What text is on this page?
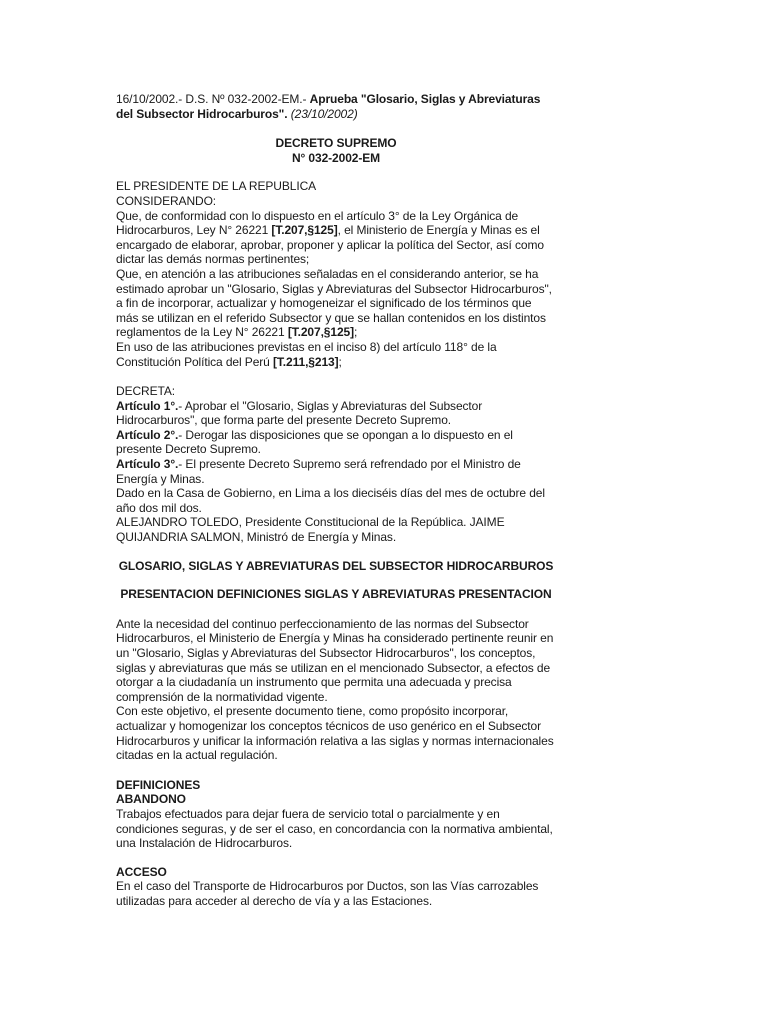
16/10/2002.- D.S. Nº 032-2002-EM.- Aprueba "Glosario, Siglas y Abreviaturas del Subsector Hidrocarburos". (23/10/2002)

DECRETO SUPREMO

N° 032-2002-EM

EL PRESIDENTE DE LA REPUBLICA

CONSIDERANDO:

Que, de conformidad con lo dispuesto en el artículo 3° de la Ley Orgánica de Hidrocarburos, Ley N° 26221 [T.207,§125], el Ministerio de Energía y Minas es el encargado de elaborar, aprobar, proponer y aplicar la política del Sector, así como dictar las demás normas pertinentes;

Que, en atención a las atribuciones señaladas en el considerando anterior, se ha estimado aprobar un "Glosario, Siglas y Abreviaturas del Subsector Hidrocarburos", a fin de incorporar, actualizar y homogeneizar el significado de los términos que más se utilizan en el referido Subsector y que se hallan contenidos en los distintos reglamentos de la Ley N° 26221 [T.207,§125];

En uso de las atribuciones previstas en el inciso 8) del artículo 118° de la Constitución Política del Perú [T.211,§213];

DECRETA:

Artículo 1°.- Aprobar el "Glosario, Siglas y Abreviaturas del Subsector Hidrocarburos", que forma parte del presente Decreto Supremo.

Artículo 2°.- Derogar las disposiciones que se opongan a lo dispuesto en el presente Decreto Supremo.

Artículo 3°.- El presente Decreto Supremo será refrendado por el Ministro de Energía y Minas.

Dado en la Casa de Gobierno, en Lima a los dieciséis días del mes de octubre del año dos mil dos.

ALEJANDRO TOLEDO, Presidente Constitucional de la República. JAIME QUIJANDRIA SALMON, Ministró de Energía y Minas.

GLOSARIO, SIGLAS Y ABREVIATURAS DEL SUBSECTOR HIDROCARBUROS

PRESENTACION DEFINICIONES SIGLAS Y ABREVIATURAS PRESENTACION

Ante la necesidad del continuo perfeccionamiento de las normas del Subsector Hidrocarburos, el Ministerio de Energía y Minas ha considerado pertinente reunir en un "Glosario, Siglas y Abreviaturas del Subsector Hidrocarburos", los conceptos, siglas y abreviaturas que más se utilizan en el mencionado Subsector, a efectos de otorgar a la ciudadanía un instrumento que permita una adecuada y precisa comprensión de la normatividad vigente.

Con este objetivo, el presente documento tiene, como propósito incorporar, actualizar y homogenizar los conceptos técnicos de uso genérico en el Subsector Hidrocarburos y unificar la información relativa a las siglas y normas internacionales citadas en la actual regulación.

DEFINICIONES

ABANDONO

Trabajos efectuados para dejar fuera de servicio total o parcialmente y en condiciones seguras, y de ser el caso, en concordancia con la normativa ambiental, una Instalación de Hidrocarburos.

ACCESO

En el caso del Transporte de Hidrocarburos por Ductos, son las Vías carrozables utilizadas para acceder al derecho de vía y a las Estaciones.
